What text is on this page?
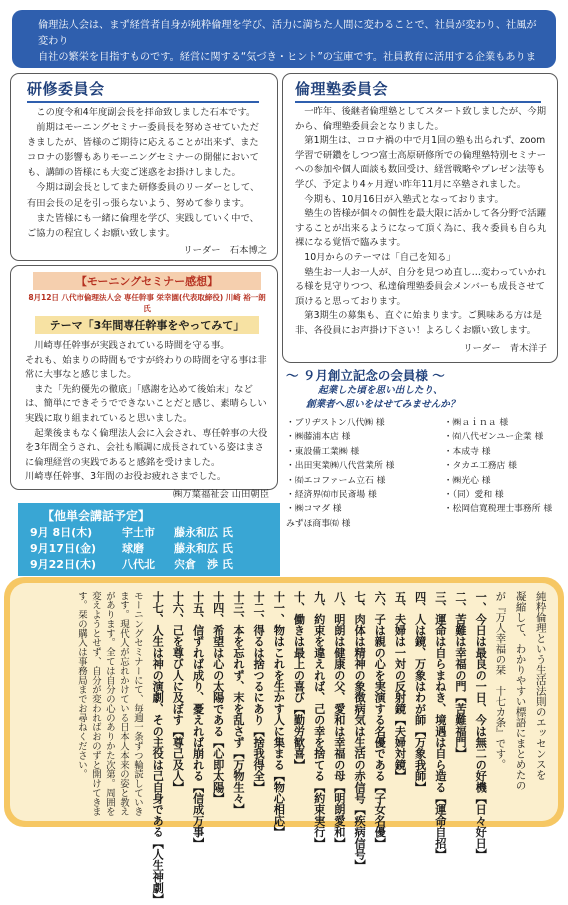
倫理法人会は、まず経営者自身が純粋倫理を学び、活力に満ちた人間に変わることで、社員が変わり、社風が変わり
自社の繁栄を目指すものです。経営に関する“気づき・ヒント”の宝庫です。社員教育に活用する企業もありま
研修委員会
この度令和4年度副会長を拝命致しました石本です。
前期はモーニングセミナー委員長を努めさせていただきましたが、皆様のご期待に応えることが出来ず、またコロナの影響もありモーニングセミナーの開催においても、講師の皆様にも大変ご迷惑をお掛けしました。
今期は副会長としてまた研修委員のリーダーとして、有田会長の足を引っ張らないよう、努めて参ります。
また皆様にも一緒に倫理を学び、実践していく中で、ご協力の程宜しくお願い致します。
リーダー　石本博之
【モーニングセミナー感想】
8月12日 八代市倫理法人会 専任幹事 栄幸園(代表取締役) 川崎 裕一朗氏
テーマ「3年間専任幹事をやってみて」
川崎専任幹事が実践されている時間を守る事。
それも、始まりの時間もですが終わりの時間を守る事は非常に大事なと感じました。
また「先約優先の徹底」「感謝を込めて後始末」などは、簡単にできそうでできないことだと感じ、素晴らしい実践に取り組まれていると思いました。
起業後まもなく倫理法人会に入会され、専任幹事の大役を3年間全うされ、会社も順調に成長されている姿はまさに倫理経営の実践であると感銘を受けました。
川崎専任幹事、3年間のお役お疲れさまでした。
㈱万葉福祉会 山田朝臣
倫理塾委員会
一昨年、後継者倫理塾としてスタート致しましたが、今期から、倫理塾委員会となりました。
第1期生は、コロナ禍の中で月1回の塾も出られず、zoom学習で研鑽をしつつ富士高原研修所での倫理塾特別セミナーへの参加や個人面談も数回受け、経営戦略やプレゼン法等も学び、予定より4ヶ月遅い昨年11月に卒塾されました。
今期も、10月16日が入塾式となっております。
塾生の皆様が個々の個性を最大限に活かして各分野で活躍することが出来るようになって頂く為に、我々委員も自ら丸裸になる覚悟で臨みます。
10月からのテーマは「自己を知る」
塾生お一人お一人が、自分を見つめ直し…変わっていかれる様を見守りつつ、私達倫理塾委員会メンバーも成長させて頂けると思っております。
第3期生の募集も、直ぐに始まります。ご興味ある方は是非、各役員にお声掛け下さい！よろしくお願い致します。
リーダー　青木洋子
～ ９月創立記念の会員様 ～
起業した頃を思い出したり、
創業者へ思いをはせてみませんか？
・ブリヂストン八代㈱ 様	・㈱ａｉｎａ 様
・㈱藤浦本店 様	・㈲八代ゼンユー企業 様
・東設備工業㈱ 様	・本成寺 様
・出田実業㈱八代営業所 様	・タカエ工務店 様
・㈲エコファーム立石 様	・㈱光心 様
・経済界㈲市民斎場 様	・（同）愛和 様
・㈱コマダ 様	・松岡信寛税理士事務所 様
みずほ商事㈲ 様
【他単会講話予定】
9月 8日(木)	宇土市	藤永和広 氏
9月17日(金)	球磨	藤永和広 氏
9月22日(木)	八代北	宍倉　渉 氏
純粋倫理という生活法則のエッセンスを
凝縮して、わかりやすい標語にまとめたの
が『万人幸福の栞　十七カ条』です。
一、今日は最良の一日、今は無二の好機【日々好日】
二、苦難は幸福の門【苦難福門】
三、運命は自らまねき、境遇は自ら造る【運命自招】
四、人は鏡、万象はわが師【万象我師】
五、夫婦は一対の反射鏡【夫婦対鏡】
六、子は親の心を実演する名優である【子女名優】
七、肉体は精神の象徴病気は生活の赤信号【疾病信号】
八、明朗は健康の父、愛和は幸福の母【明朗愛和】
九、約束を違えれば、己の幸を捨てる【約束実行】
十、働きは最上の喜び【勤労歓喜】
十一、物はこれを生かす人に集まる【物心相応】
十二、得るは捨つるにあり【捨我得全】
十三、本を忘れず、末を乱さず【万物生々】
十四、希望は心の太陽である【心即太陽】
十五、信ずれば成り、憂えれば崩れる【信成万事】
十六、己を尊び人に及ぼす【尊己及人】
十七、人生は神の演劇、その主役は己自身である【人生神劇】
モーニングセミナーにて、毎週一条ずつ輪読していきます。現代人が忘れかけている日本人本来の姿と教えがあります。全ては自分の心のありかた次第。周囲を変えようとせず、自分が変わればおのずと開けてきます。栞の購入は事務局までお尋ねください。
